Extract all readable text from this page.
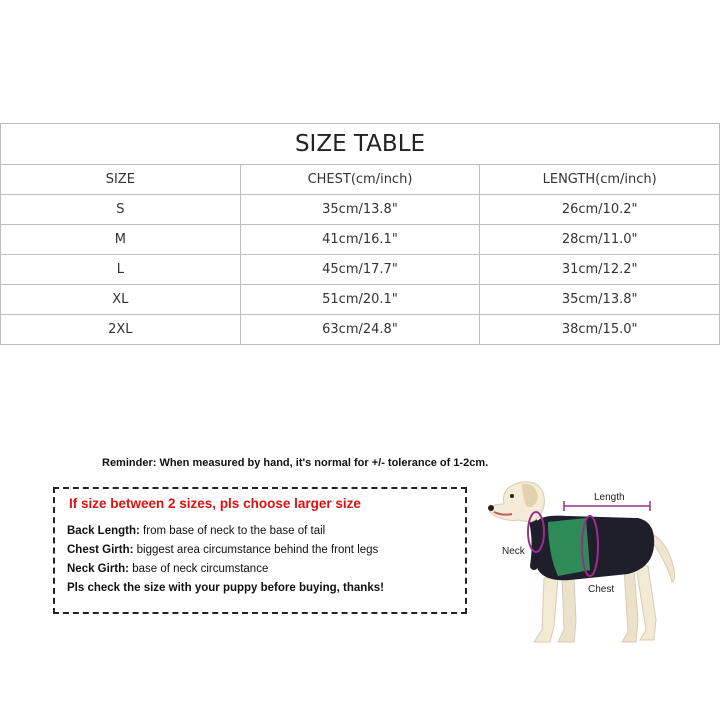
SIZE TABLE		
SIZE	CHEST(cm/inch)	LENGTH(cm/inch)
S	35cm/13.8"	26cm/10.2"
M	41cm/16.1"	28cm/11.0"
L	45cm/17.7"	31cm/12.2"
XL	51cm/20.1"	35cm/13.8"
2XL	63cm/24.8"	38cm/15.0"
Reminder: When measured by hand, it's normal for +/- tolerance of 1-2cm.
If size between 2 sizes, pls choose larger size
Back Length: from base of neck to the base of tail
Chest Girth: biggest area circumstance behind the front legs
Neck Girth: base of neck circumstance
Pls check the size with your puppy before buying, thanks!
Length
Neck
Chest
